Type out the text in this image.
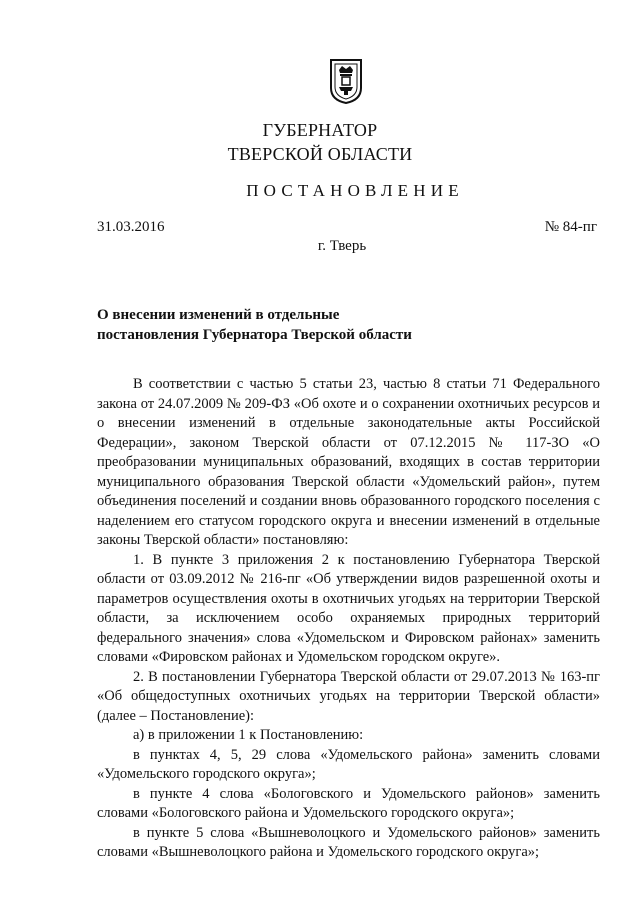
ГУБЕРНАТОР
ТВЕРСКОЙ ОБЛАСТИ
ПОСТАНОВЛЕНИЕ
31.03.2016	№ 84-пг
г. Тверь
О внесении изменений в отдельные
постановления Губернатора Тверской области

В соответствии с частью 5 статьи 23, частью 8 статьи 71 Федерального закона от 24.07.2009 № 209-ФЗ «Об охоте и о сохранении охотничьих ресурсов и о внесении изменений в отдельные законодательные акты Российской Федерации», законом Тверской области от 07.12.2015 № 117-ЗО «О преобразовании муниципальных образований, входящих в состав территории муниципального образования Тверской области «Удомельский район», путем объединения поселений и создании вновь образованного городского поселения с наделением его статусом городского округа и внесении изменений в отдельные законы Тверской области» постановляю:

1. В пункте 3 приложения 2 к постановлению Губернатора Тверской области от 03.09.2012 № 216-пг «Об утверждении видов разрешенной охоты и параметров осуществления охоты в охотничьих угодьях на территории Тверской области, за исключением особо охраняемых природных территорий федерального значения» слова «Удомельском и Фировском районах» заменить словами «Фировском районах и Удомельском городском округе».

2. В постановлении Губернатора Тверской области от 29.07.2013 № 163-пг «Об общедоступных охотничьих угодьях на территории Тверской области» (далее – Постановление):

а) в приложении 1 к Постановлению:

в пунктах 4, 5, 29 слова «Удомельского района» заменить словами «Удомельского городского округа»;

в пункте 4 слова «Бологовского и Удомельского районов» заменить словами «Бологовского района и Удомельского городского округа»;

в пункте 5 слова «Вышневолоцкого и Удомельского районов» заменить словами «Вышневолоцкого района и Удомельского городского округа»;
